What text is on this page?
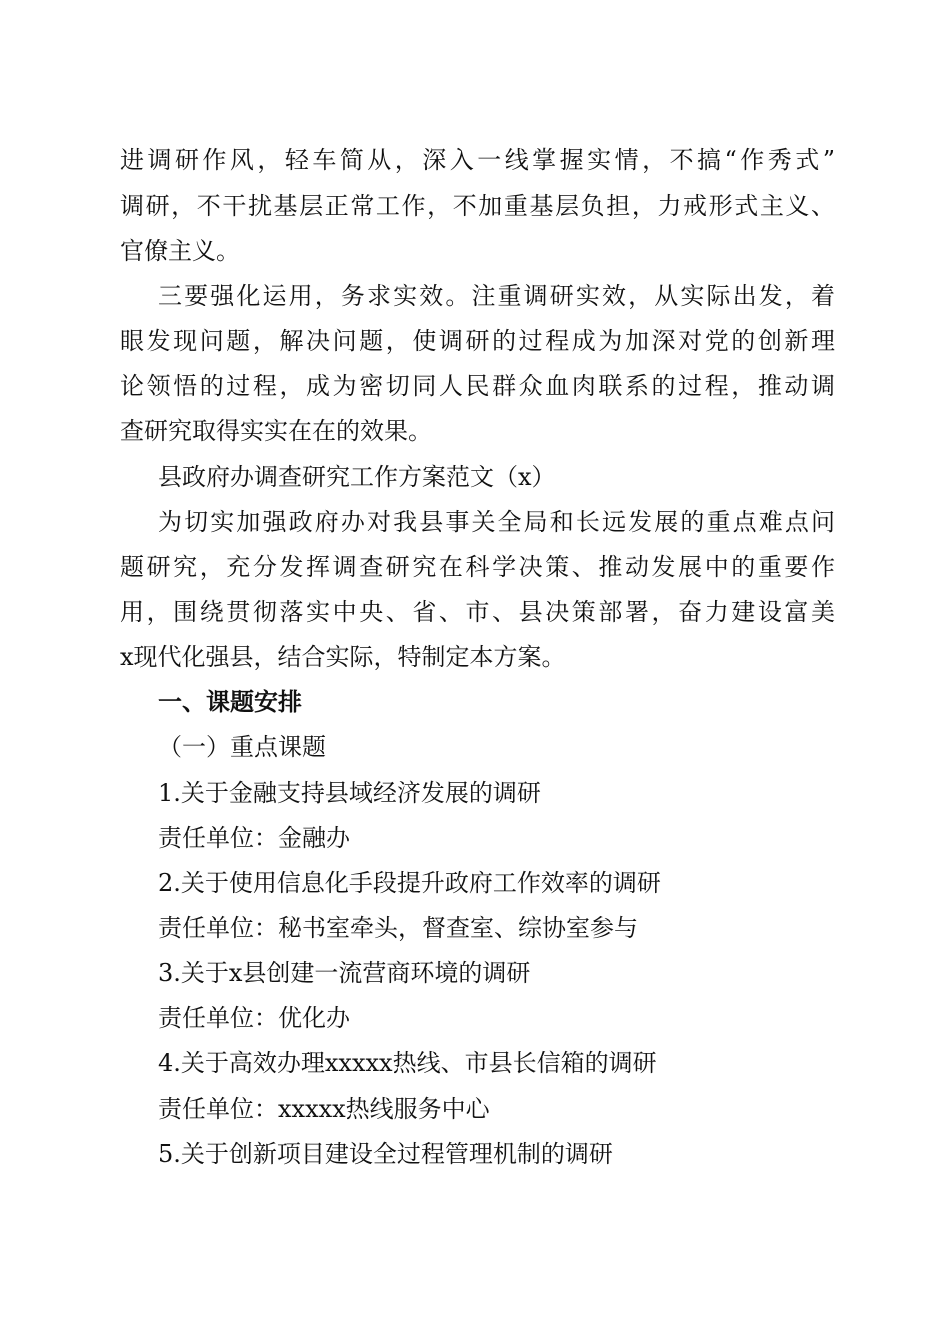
进调研作风，轻车简从，深入一线掌握实情，不搞“作秀式”
调研，不干扰基层正常工作，不加重基层负担，力戒形式主义、
官僚主义。
三要强化运用，务求实效。注重调研实效，从实际出发，着
眼发现问题，解决问题，使调研的过程成为加深对党的创新理
论领悟的过程，成为密切同人民群众血肉联系的过程，推动调
查研究取得实实在在的效果。
县政府办调查研究工作方案范文（x）
为切实加强政府办对我县事关全局和长远发展的重点难点问
题研究，充分发挥调查研究在科学决策、推动发展中的重要作
用，围绕贯彻落实中央、省、市、县决策部署，奋力建设富美
x现代化强县，结合实际，特制定本方案。
一、课题安排
（一）重点课题
1.关于金融支持县域经济发展的调研
责任单位：金融办
2.关于使用信息化手段提升政府工作效率的调研
责任单位：秘书室牵头，督查室、综协室参与
3.关于x县创建一流营商环境的调研
责任单位：优化办
4.关于高效办理xxxxx热线、市县长信箱的调研
责任单位：xxxxx热线服务中心
5.关于创新项目建设全过程管理机制的调研
